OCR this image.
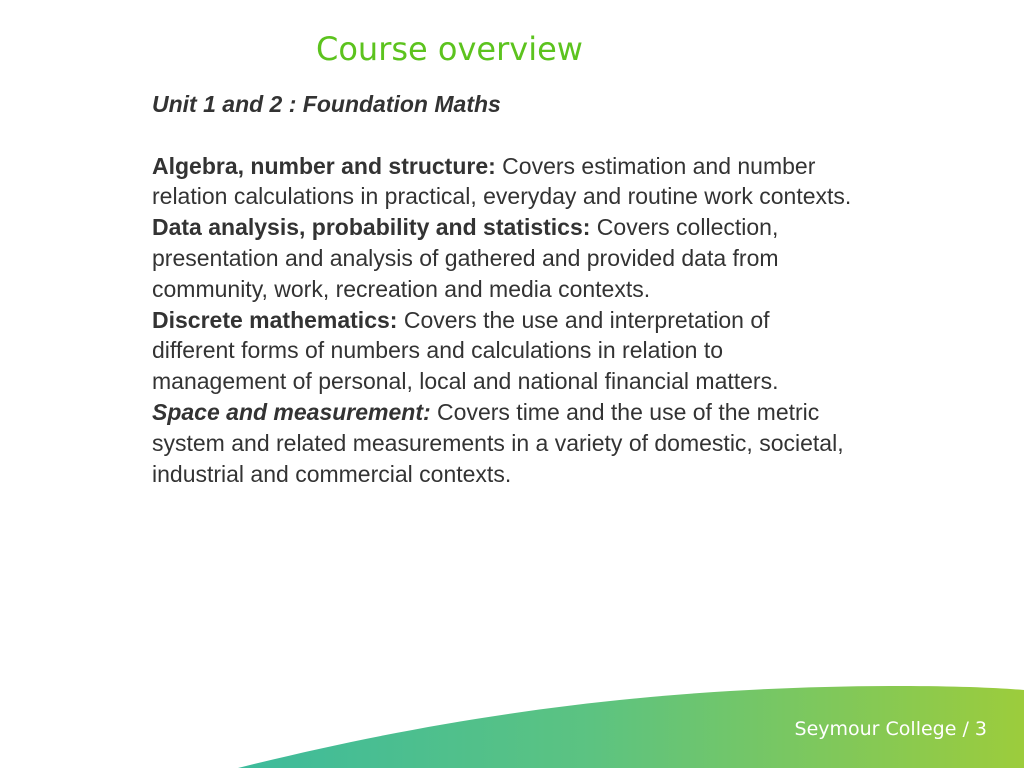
Course overview

Unit 1 and 2 : Foundation Maths

Algebra, number and structure: Covers estimation and number relation calculations in practical, everyday and routine work contexts.

Data analysis, probability and statistics: Covers collection, presentation and analysis of gathered and provided data from community, work, recreation and media contexts.

Discrete mathematics: Covers the use and interpretation of different forms of numbers and calculations in relation to management of personal, local and national financial matters.

Space and measurement: Covers time and the use of the metric system and related measurements in a variety of domestic, societal, industrial and commercial contexts.

Seymour College / 3
